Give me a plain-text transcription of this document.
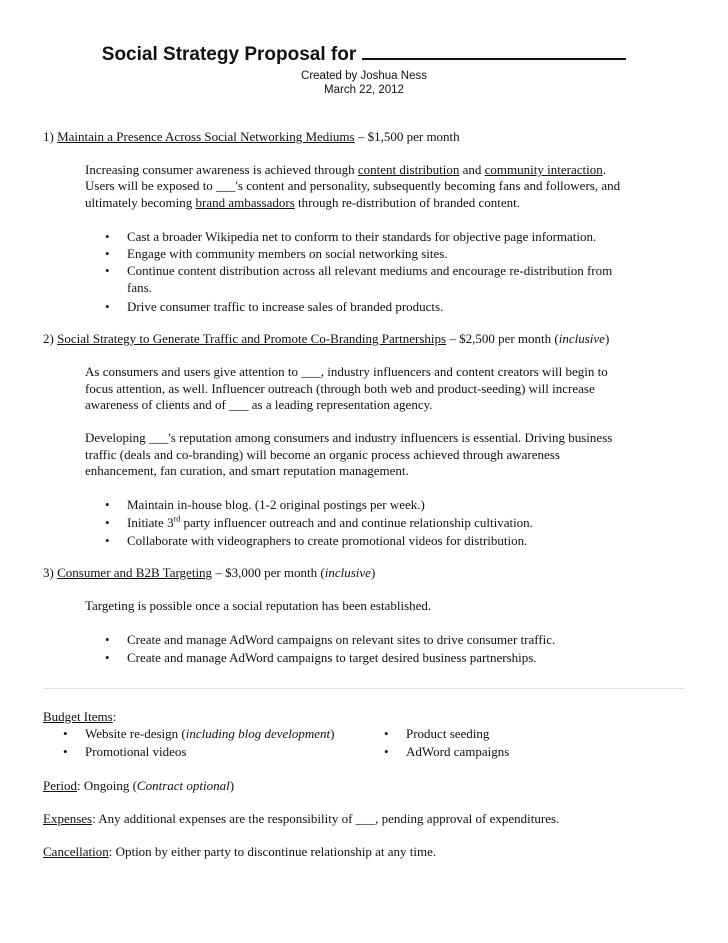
Social Strategy Proposal for
Created by Joshua Ness
March 22, 2012
1) Maintain a Presence Across Social Networking Mediums – $1,500 per month
Increasing consumer awareness is achieved through content distribution and community interaction.
Users will be exposed to ___'s content and personality, subsequently becoming fans and followers, and
ultimately becoming brand ambassadors through re-distribution of branded content.
• Cast a broader Wikipedia net to conform to their standards for objective page information.
• Engage with community members on social networking sites.
• Continue content distribution across all relevant mediums and encourage re-distribution from
fans.
• Drive consumer traffic to increase sales of branded products.
2) Social Strategy to Generate Traffic and Promote Co-Branding Partnerships – $2,500 per month (inclusive)
As consumers and users give attention to ___, industry influencers and content creators will begin to
focus attention, as well. Influencer outreach (through both web and product-seeding) will increase
awareness of clients and of ___ as a leading representation agency.
Developing ___'s reputation among consumers and industry influencers is essential. Driving business
traffic (deals and co-branding) will become an organic process achieved through awareness
enhancement, fan curation, and smart reputation management.
• Maintain in-house blog. (1-2 original postings per week.)
• Initiate 3rd party influencer outreach and and continue relationship cultivation.
• Collaborate with videographers to create promotional videos for distribution.
3) Consumer and B2B Targeting – $3,000 per month (inclusive)
Targeting is possible once a social reputation has been established.
• Create and manage AdWord campaigns on relevant sites to drive consumer traffic.
• Create and manage AdWord campaigns to target desired business partnerships.
Budget Items:
• Website re-design (including blog development)
• Promotional videos
• Product seeding
• AdWord campaigns
Period: Ongoing (Contract optional)
Expenses: Any additional expenses are the responsibility of ___, pending approval of expenditures.
Cancellation: Option by either party to discontinue relationship at any time.
